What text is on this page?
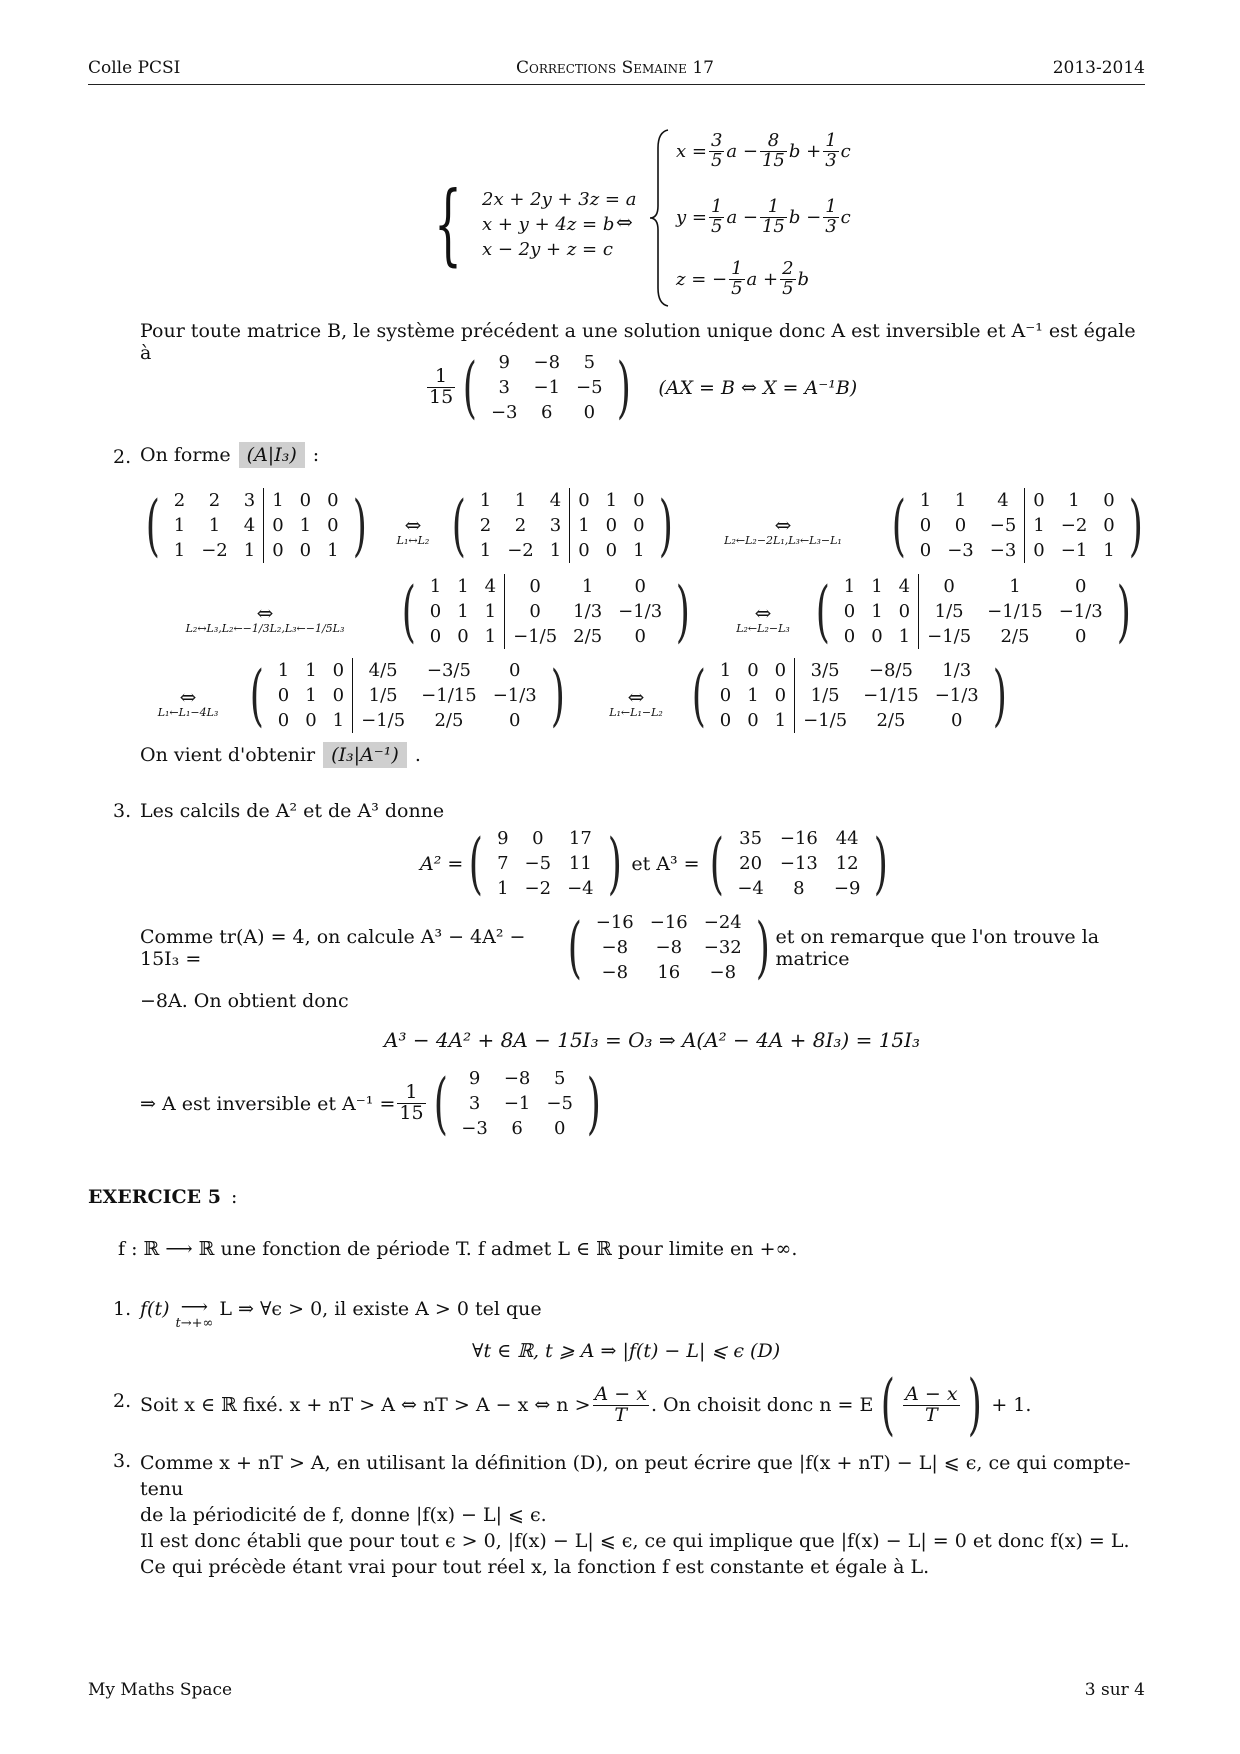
Colle PCSI	Corrections Semaine 17	2013-2014
{ 2x + 2y + 3z = a
x + y + 4z = b
x − 2y + z = c
⇔
$x = \frac{3}{5}$ $a - \frac{8}{15}$ $b + \frac{1}{3}$ c
$y = \frac{1}{5}$ $a - \frac{1}{15}$ $b - \frac{1}{3}$ c
z = − $\frac{1}{5}$ $a + \frac{2}{5}$ b
Pour toute matrice B, le système précédent a une solution unique donc A est inversible et A⁻¹ est égale à
$\frac{1}{15}$ ( 9	−8	5
3	−1	−5
−3	6	0 ) (AX = B ⇔ X = A⁻¹B)
2. On forme (A|I₃) :
( 2	2	3	1	0	0
1	1	4	0	1	0
1	−2	1	0	0	1 )	⇔
L₁↔L₂ ( 1	1	4	0	1	0
2	2	3	1	0	0
1	−2	1	0	0	1 )	⇔
L₂←L₂−2L₁,L₃←L₃−L₁ ( 1	1	4	0	1	0
0	0	−5	1	−2	0
0	−3	−3	0	−1	1 )
⇔
L₂↔L₃,L₂←−1/3L₂,L₃←−1/5L₃ ( 1	1	4	0	1	0
0	1	1	0	1/3	−1/3
0	0	1	−1/5	2/5	0 )	⇔
L₂←L₂−L₃ ( 1	1	4	0	1	0
0	1	0	1/5	−1/15	−1/3
0	0	1	−1/5	2/5	0 )
⇔
L₁←L₁−4L₃ ( 1	1	0	4/5	−3/5	0
0	1	0	1/5	−1/15	−1/3
0	0	1	−1/5	2/5	0 )	⇔
L₁←L₁−L₂ ( 1	0	0	3/5	−8/5	1/3
0	1	0	1/5	−1/15	−1/3
0	0	1	−1/5	2/5	0 )
On vient d'obtenir (I₃|A⁻¹) .
3. Les calcils de A² et de A³ donne
A² = ( 9	0	17
7	−5	11
1	−2	−4 ) et A³ = ( 35	−16	44
20	−13	12
−4	8	−9 )
Comme tr(A) = 4, on calcule A³ − 4A² − 15I₃ =	( −16	−16	−24
−8	−8	−32
−8	16	−8 ) et on remarque que l'on trouve la matrice
−8A. On obtient donc
A³ − 4A² + 8A − 15I₃ = O₃ ⇒ A(A² − 4A + 8I₃) = 15I₃
⇒ A est inversible et $A^{-1} = \frac{1}{15}$ ( 9	−8	5
3	−1	−5
−3	6	0 )
EXERCICE 5 :
f : ℝ ⟶ ℝ une fonction de période T. f admet L ∈ ℝ pour limite en +∞.
1. f(t) ⟶
t→+∞
L ⇒ ∀ϵ > 0, il existe A > 0 tel que
∀t ∈ ℝ, t ⩾ A ⇒ |f(t) − L| ⩽ ϵ (D)
2. Soit x ∈ ℝ fixé. x + nT > A ⇔ nT > A − x ⇔ $n > \frac{A - x}{T}$ . On choisit donc n = E ( $\frac{A - x}{T}$ ) + 1.
3. Comme x + nT > A, en utilisant la définition (D), on peut écrire que |f(x + nT) − L| ⩽ ϵ, ce qui compte-tenu
de la périodicité de f, donne |f(x) − L| ⩽ ϵ.
Il est donc établi que pour tout ϵ > 0, |f(x) − L| ⩽ ϵ, ce qui implique que |f(x) − L| = 0 et donc f(x) = L.
Ce qui précède étant vrai pour tout réel x, la fonction f est constante et égale à L.
My Maths Space	3 sur 4
